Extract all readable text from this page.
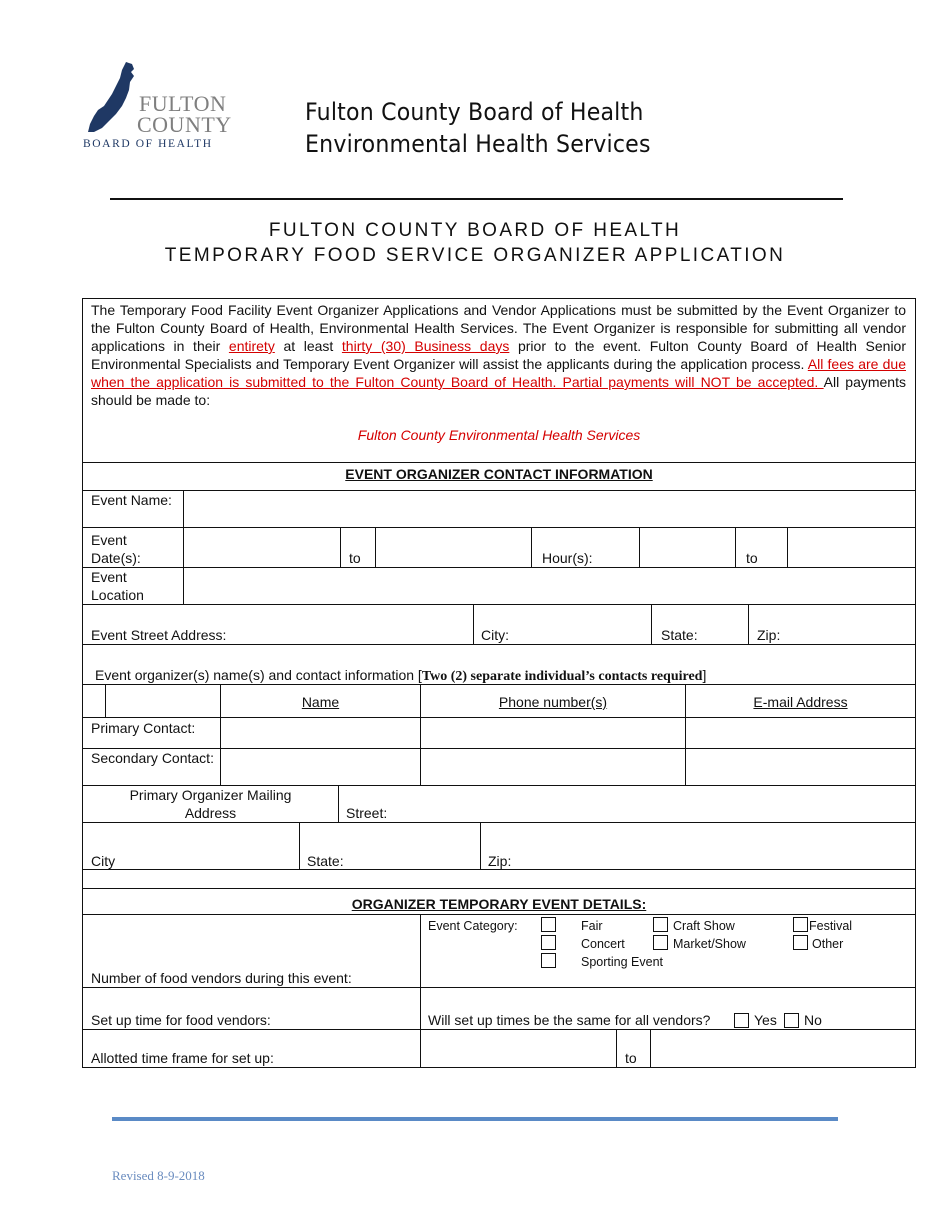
FULTON
COUNTY
BOARD OF HEALTH
Fulton County Board of Health
Environmental Health Services
FULTON COUNTY BOARD OF HEALTH
TEMPORARY FOOD SERVICE ORGANIZER APPLICATION
The Temporary Food Facility Event Organizer Applications and Vendor Applications must be submitted by the Event Organizer to the Fulton County Board of Health, Environmental Health Services. The Event Organizer is responsible for submitting all vendor applications in their entirety at least thirty (30) Business days prior to the event. Fulton County Board of Health Senior Environmental Specialists and Temporary Event Organizer will assist the applicants during the application process. All fees are due when the application is submitted to the Fulton County Board of Health. Partial payments will NOT be accepted. All payments should be made to:
Fulton County Environmental Health Services
EVENT ORGANIZER CONTACT INFORMATION
Event Name:
Event Date(s):	to	Hour(s):	to
Event Location
Event Street Address:	City:	State:	Zip:
Event organizer(s) name(s) and contact information [Two (2) separate individual’s contacts required]
Name	Phone number(s)	E-mail Address
Primary Contact:
Secondary Contact:
Primary Organizer Mailing Address	Street:
City	State:	Zip:
ORGANIZER TEMPORARY EVENT DETAILS:
Number of food vendors during this event:
Event Category:	Fair	Craft Show	Festival
Concert	Market/Show	Other
Sporting Event
Set up time for food vendors:	Will set up times be the same for all vendors?	Yes No
Allotted time frame for set up:	to
Revised 8-9-2018
